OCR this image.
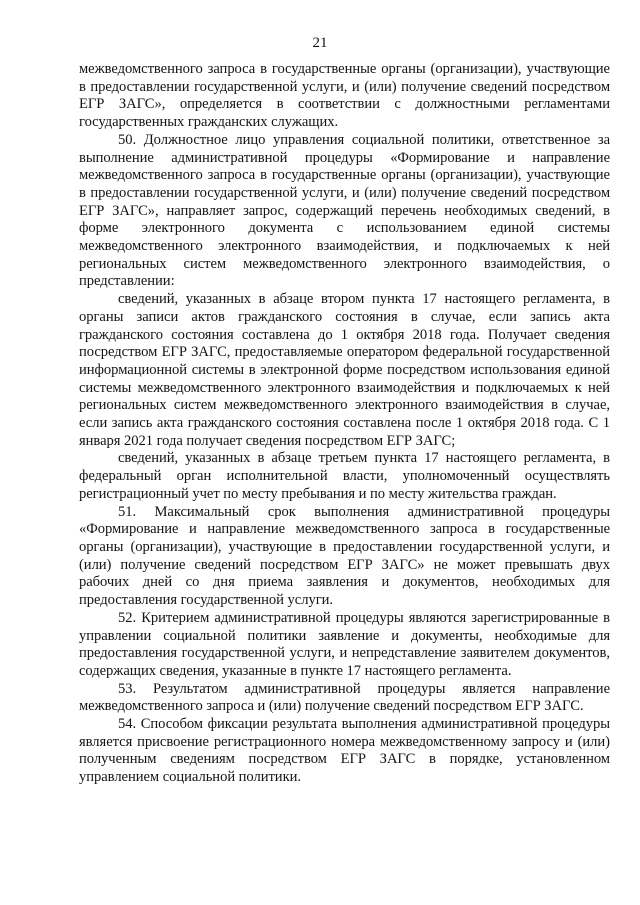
21

межведомственного запроса в государственные органы (организации), участвующие в предоставлении государственной услуги, и (или) получение сведений посредством ЕГР ЗАГС», определяется в соответствии с должностными регламентами государственных гражданских служащих.

50. Должностное лицо управления социальной политики, ответственное за выполнение административной процедуры «Формирование и направление межведомственного запроса в государственные органы (организации), участвующие в предоставлении государственной услуги, и (или) получение сведений посредством ЕГР ЗАГС», направляет запрос, содержащий перечень необходимых сведений, в форме электронного документа с использованием единой системы межведомственного электронного взаимодействия, и подключаемых к ней региональных систем межведомственного электронного взаимодействия, о представлении:

сведений, указанных в абзаце втором пункта 17 настоящего регламента, в органы записи актов гражданского состояния в случае, если запись акта гражданского состояния составлена до 1 октября 2018 года. Получает сведения посредством ЕГР ЗАГС, предоставляемые оператором федеральной государственной информационной системы в электронной форме посредством использования единой системы межведомственного электронного взаимодействия и подключаемых к ней региональных систем межведомственного электронного взаимодействия в случае, если запись акта гражданского состояния составлена после 1 октября 2018 года. С 1 января 2021 года получает сведения посредством ЕГР ЗАГС;

сведений, указанных в абзаце третьем пункта 17 настоящего регламента, в федеральный орган исполнительной власти, уполномоченный осуществлять регистрационный учет по месту пребывания и по месту жительства граждан.

51. Максимальный срок выполнения административной процедуры «Формирование и направление межведомственного запроса в государственные органы (организации), участвующие в предоставлении государственной услуги, и (или) получение сведений посредством ЕГР ЗАГС» не может превышать двух рабочих дней со дня приема заявления и документов, необходимых для предоставления государственной услуги.

52. Критерием административной процедуры являются зарегистрированные в управлении социальной политики заявление и документы, необходимые для предоставления государственной услуги, и непредставление заявителем документов, содержащих сведения, указанные в пункте 17 настоящего регламента.

53. Результатом административной процедуры является направление межведомственного запроса и (или) получение сведений посредством ЕГР ЗАГС.

54. Способом фиксации результата выполнения административной процедуры является присвоение регистрационного номера межведомственному запросу и (или) полученным сведениям посредством ЕГР ЗАГС в порядке, установленном управлением социальной политики.
